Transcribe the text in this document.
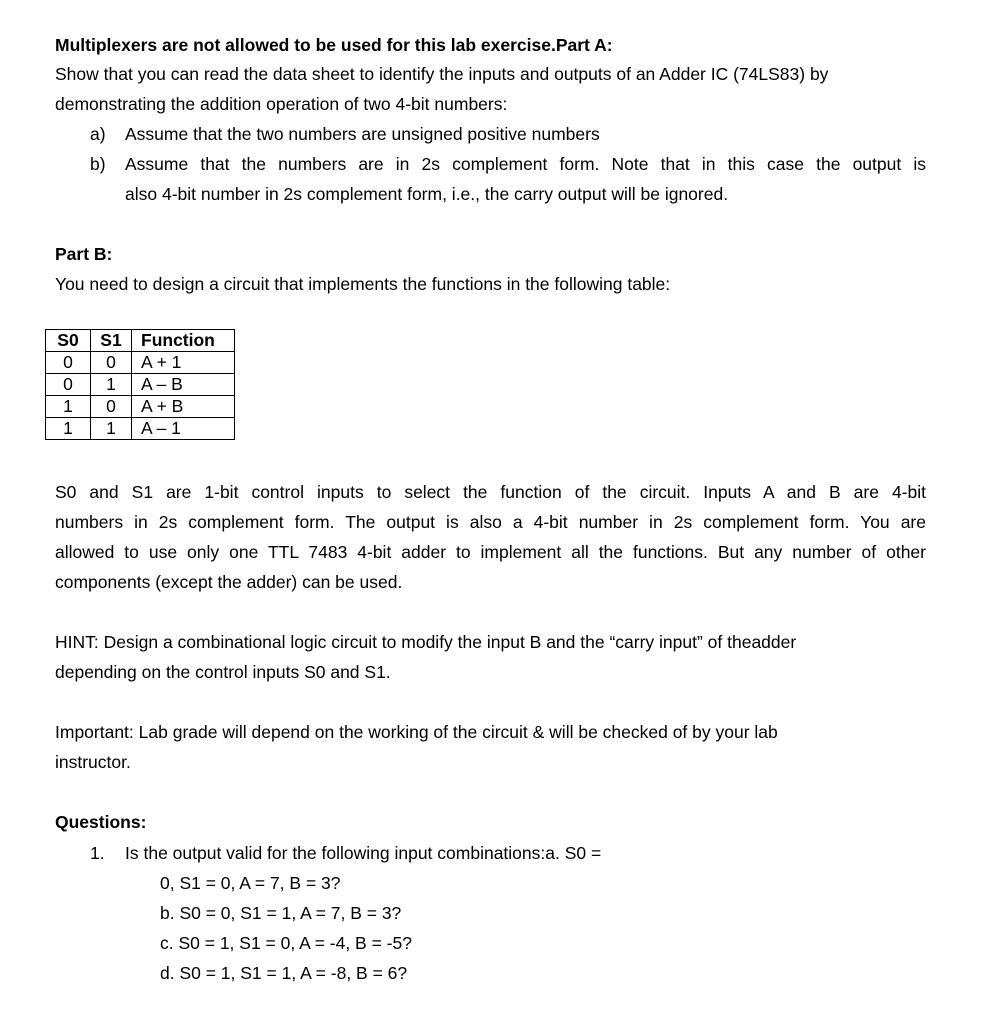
Multiplexers are not allowed to be used for this lab exercise.Part A:
Show that you can read the data sheet to identify the inputs and outputs of an Adder IC (74LS83) by
demonstrating the addition operation of two 4-bit numbers:
a) Assume that the two numbers are unsigned positive numbers
b) Assume that the numbers are in 2s complement form. Note that in this case the output is
also 4-bit number in 2s complement form, i.e., the carry output will be ignored.
Part B:
You need to design a circuit that implements the functions in the following table:
S0	S1	Function
0	0	A + 1
0	1	A – B
1	0	A + B
1	1	A – 1
S0 and S1 are 1-bit control inputs to select the function of the circuit. Inputs A and B are 4-bit
numbers in 2s complement form. The output is also a 4-bit number in 2s complement form. You are
allowed to use only one TTL 7483 4-bit adder to implement all the functions. But any number of other
components (except the adder) can be used.
HINT: Design a combinational logic circuit to modify the input B and the “carry input” of theadder
depending on the control inputs S0 and S1.
Important: Lab grade will depend on the working of the circuit & will be checked of by your lab
instructor.
Questions:
1. Is the output valid for the following input combinations:a. S0 =
0, S1 = 0, A = 7, B = 3?
b. S0 = 0, S1 = 1, A = 7, B = 3?
c. S0 = 1, S1 = 0, A = -4, B = -5?
d. S0 = 1, S1 = 1, A = -8, B = 6?
